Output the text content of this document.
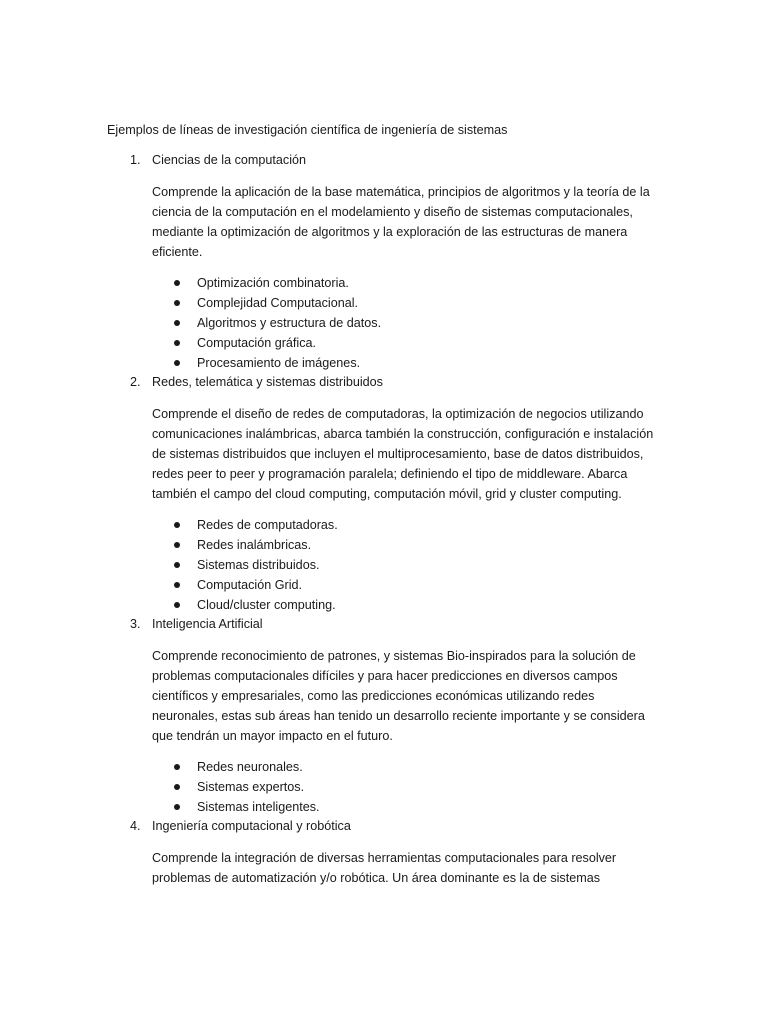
Ejemplos de líneas de investigación científica de ingeniería de sistemas
1. Ciencias de la computación

Comprende la aplicación de la base matemática, principios de algoritmos y la teoría de la
ciencia de la computación en el modelamiento y diseño de sistemas computacionales,
mediante la optimización de algoritmos y la exploración de las estructuras de manera
eficiente.

Optimización combinatoria.
Complejidad Computacional.
Algoritmos y estructura de datos.
Computación gráfica.
Procesamiento de imágenes.
2. Redes, telemática y sistemas distribuidos

Comprende el diseño de redes de computadoras, la optimización de negocios utilizando
comunicaciones inalámbricas, abarca también la construcción, configuración e instalación
de sistemas distribuidos que incluyen el multiprocesamiento, base de datos distribuidos,
redes peer to peer y programación paralela; definiendo el tipo de middleware. Abarca
también el campo del cloud computing, computación móvil, grid y cluster computing.

Redes de computadoras.
Redes inalámbricas.
Sistemas distribuidos.
Computación Grid.
Cloud/cluster computing.
3. Inteligencia Artificial

Comprende reconocimiento de patrones, y sistemas Bio-inspirados para la solución de
problemas computacionales difíciles y para hacer predicciones en diversos campos
científicos y empresariales, como las predicciones económicas utilizando redes
neuronales, estas sub áreas han tenido un desarrollo reciente importante y se considera
que tendrán un mayor impacto en el futuro.

Redes neuronales.
Sistemas expertos.
Sistemas inteligentes.
4. Ingeniería computacional y robótica

Comprende la integración de diversas herramientas computacionales para resolver
problemas de automatización y/o robótica. Un área dominante es la de sistemas
